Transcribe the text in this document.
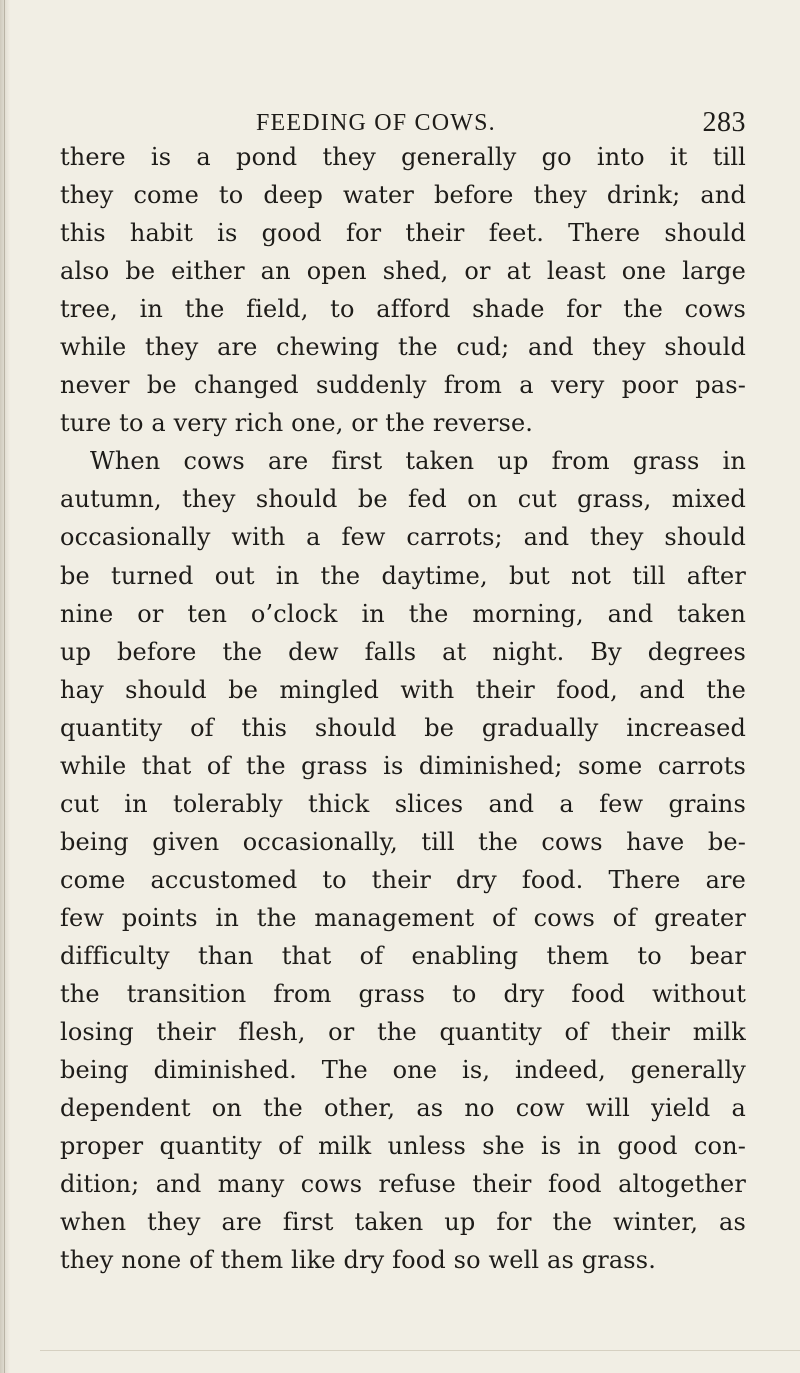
FEEDING OF COWS.	283
there is a pond they generally go into it till
they come to deep water before they drink; and
this habit is good for their feet. There should
also be either an open shed, or at least one large
tree, in the field, to afford shade for the cows
while they are chewing the cud; and they should
never be changed suddenly from a very poor pas-
ture to a very rich one, or the reverse.
When cows are first taken up from grass in
autumn, they should be fed on cut grass, mixed
occasionally with a few carrots; and they should
be turned out in the daytime, but not till after
nine or ten o’clock in the morning, and taken
up before the dew falls at night. By degrees
hay should be mingled with their food, and the
quantity of this should be gradually increased
while that of the grass is diminished; some carrots
cut in tolerably thick slices and a few grains
being given occasionally, till the cows have be-
come accustomed to their dry food. There are
few points in the management of cows of greater
difficulty than that of enabling them to bear
the transition from grass to dry food without
losing their flesh, or the quantity of their milk
being diminished. The one is, indeed, generally
dependent on the other, as no cow will yield a
proper quantity of milk unless she is in good con-
dition; and many cows refuse their food altogether
when they are first taken up for the winter, as
they none of them like dry food so well as grass.
